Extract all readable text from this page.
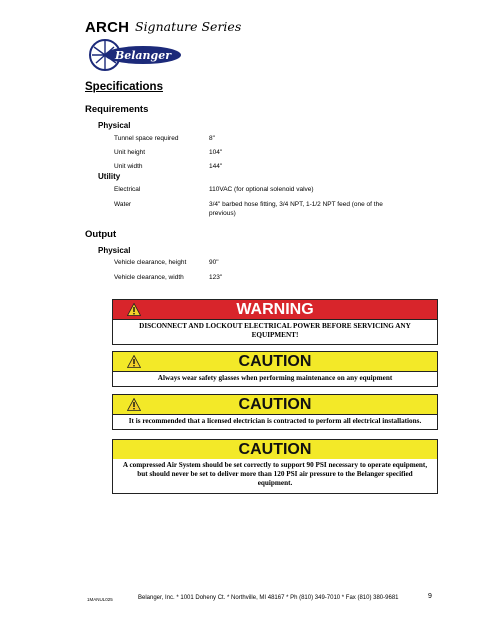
ARCH Signature Series
Belanger
Specifications
Requirements
Physical
Tunnel space required	8"
Unit height	104"
Unit width	144"
Utility
Electrical	110VAC (for optional solenoid valve)
Water	3/4" barbed hose fitting, 3/4 NPT, 1-1/2 NPT feed (one of the previous)
Output
Physical
Vehicle clearance, height	90"
Vehicle clearance, width	123"
WARNING
DISCONNECT AND LOCKOUT ELECTRICAL POWER BEFORE SERVICING ANY EQUIPMENT!
CAUTION
Always wear safety glasses when performing maintenance on any equipment
CAUTION
It is recommended that a licensed electrician is contracted to perform all electrical installations.
CAUTION
A compressed Air System should be set correctly to support 90 PSI necessary to operate equipment, but should never be set to deliver more than 120 PSI air pressure to the Belanger specified equipment.
1MANUL025	Belanger, Inc. * 1001 Doheny Ct. * Northville, MI 48167 * Ph (810) 349-7010 * Fax (810) 380-9681	9
